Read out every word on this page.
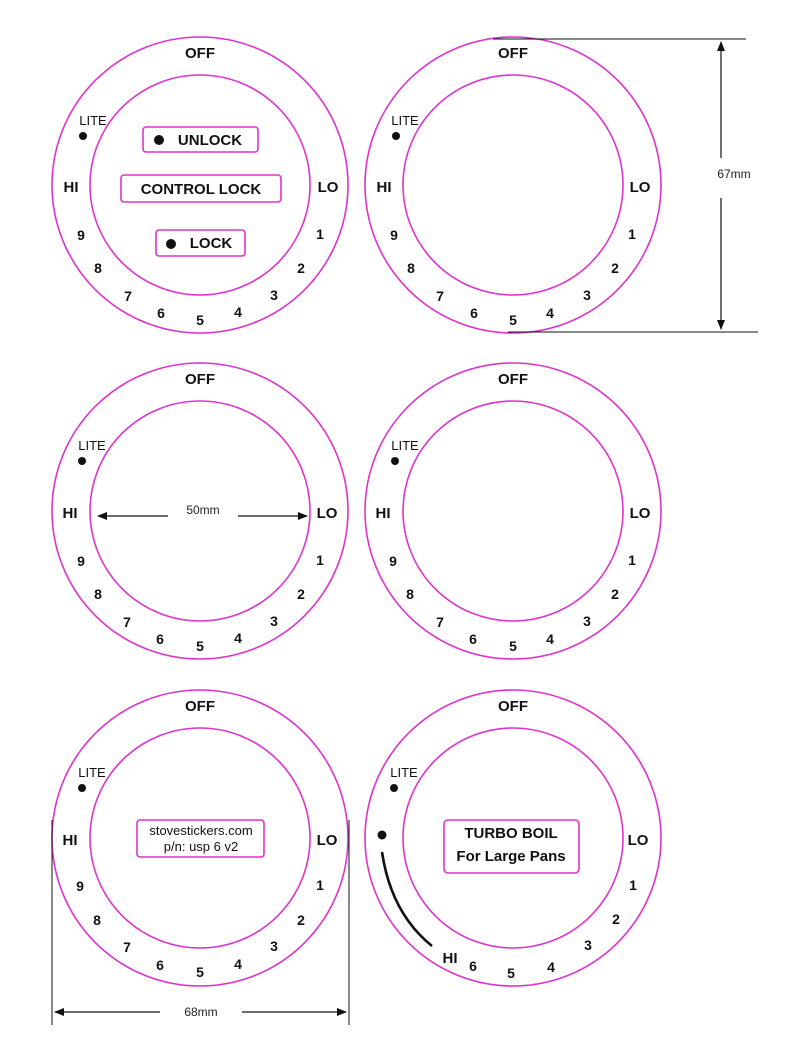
OFF
LITE
HI	LO
9
8
7
6 5 4
3
2
1
UNLOCK
CONTROL LOCK
LOCK
OFF
LITE
HI	LO
9
8
7
6 5 4
3
2
1
67mm
OFF
LITE
HI	LO
9
8
7
6 5 4
3
2
1
50mm
OFF
LITE
HI	LO
9
8
7
6 5 4
3
2
1
OFF
LITE
HI	LO
9
8
7
6 5 4
3
2
1
stovestickers.com
p/n: usp 6 v2
68mm
OFF
LITE
HI
LO
6 5 4
3
2
1
TURBO BOIL
For Large Pans
